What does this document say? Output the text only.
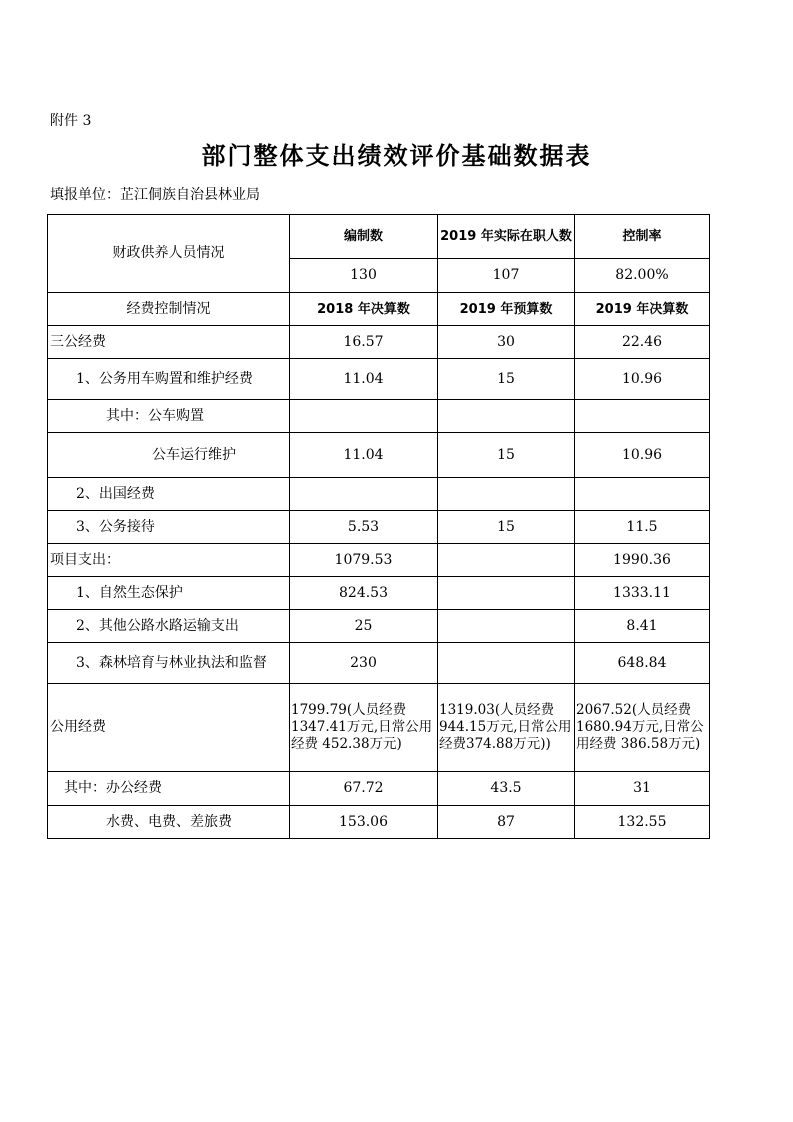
附件 3
部门整体支出绩效评价基础数据表
填报单位：芷江侗族自治县林业局
财政供养人员情况	编制数	2019 年实际在职人数	控制率
	130	107	82.00%
经费控制情况	2018 年决算数	2019 年预算数	2019 年决算数
三公经费	16.57	30	22.46
1、公务用车购置和维护经费	11.04	15	10.96
其中：公车购置			
公车运行维护	11.04	15	10.96
2、出国经费			
3、公务接待	5.53	15	11.5
项目支出：	1079.53		1990.36
1、自然生态保护	824.53		1333.11
2、其他公路水路运输支出	25		8.41
3、森林培育与林业执法和监督	230		648.84
公用经费	1799.79(人员经费1347.41万元,日常公用经费 452.38万元)	1319.03(人员经费944.15万元,日常公用经费374.88万元))	2067.52(人员经费1680.94万元,日常公用经费 386.58万元)
其中：办公经费	67.72	43.5	31
水费、电费、差旅费	153.06	87	132.55
